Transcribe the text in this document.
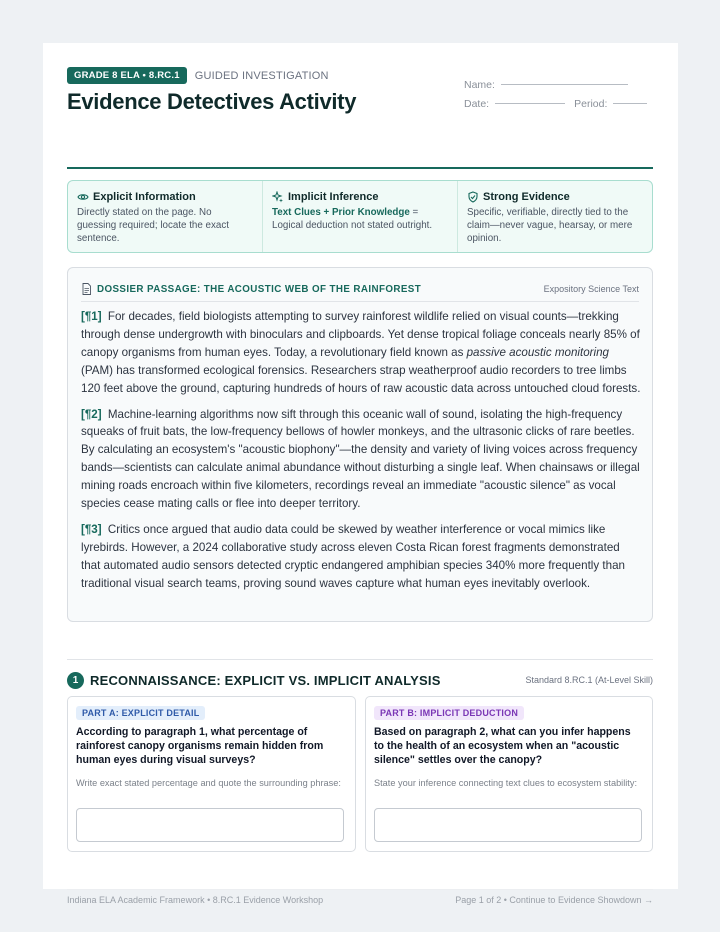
GRADE 8 ELA • 8.RC.1	GUIDED INVESTIGATION
Evidence Detectives Activity
Name:
Date:	Period:
Explicit Information
Directly stated on the page. No guessing required; locate the exact sentence.
Implicit Inference
Text Clues + Prior Knowledge = Logical deduction not stated outright.
Strong Evidence
Specific, verifiable, directly tied to the claim—never vague, hearsay, or mere opinion.
DOSSIER PASSAGE: THE ACOUSTIC WEB OF THE RAINFOREST	Expository Science Text

[¶1] For decades, field biologists attempting to survey rainforest wildlife relied on visual counts—trekking through dense undergrowth with binoculars and clipboards. Yet dense tropical foliage conceals nearly 85% of canopy organisms from human eyes. Today, a revolutionary field known as passive acoustic monitoring (PAM) has transformed ecological forensics. Researchers strap weatherproof audio recorders to tree limbs 120 feet above the ground, capturing hundreds of hours of raw acoustic data across untouched cloud forests.

[¶2] Machine-learning algorithms now sift through this oceanic wall of sound, isolating the high-frequency squeaks of fruit bats, the low-frequency bellows of howler monkeys, and the ultrasonic clicks of rare beetles. By calculating an ecosystem's "acoustic biophony"—the density and variety of living voices across frequency bands—scientists can calculate animal abundance without disturbing a single leaf. When chainsaws or illegal mining roads encroach within five kilometers, recordings reveal an immediate "acoustic silence" as vocal species cease mating calls or flee into deeper territory.

[¶3] Critics once argued that audio data could be skewed by weather interference or vocal mimics like lyrebirds. However, a 2024 collaborative study across eleven Costa Rican forest fragments demonstrated that automated audio sensors detected cryptic endangered amphibian species 340% more frequently than traditional visual search teams, proving sound waves capture what human eyes inevitably overlook.

1 RECONNAISSANCE: EXPLICIT VS. IMPLICIT ANALYSIS	Standard 8.RC.1 (At-Level Skill)
PART A: EXPLICIT DETAIL
According to paragraph 1, what percentage of rainforest canopy organisms remain hidden from human eyes during visual surveys?
Write exact stated percentage and quote the surrounding phrase:
PART B: IMPLICIT DEDUCTION
Based on paragraph 2, what can you infer happens to the health of an ecosystem when an "acoustic silence" settles over the canopy?
State your inference connecting text clues to ecosystem stability:
Indiana ELA Academic Framework • 8.RC.1 Evidence Workshop	Page 1 of 2 • Continue to Evidence Showdown →
